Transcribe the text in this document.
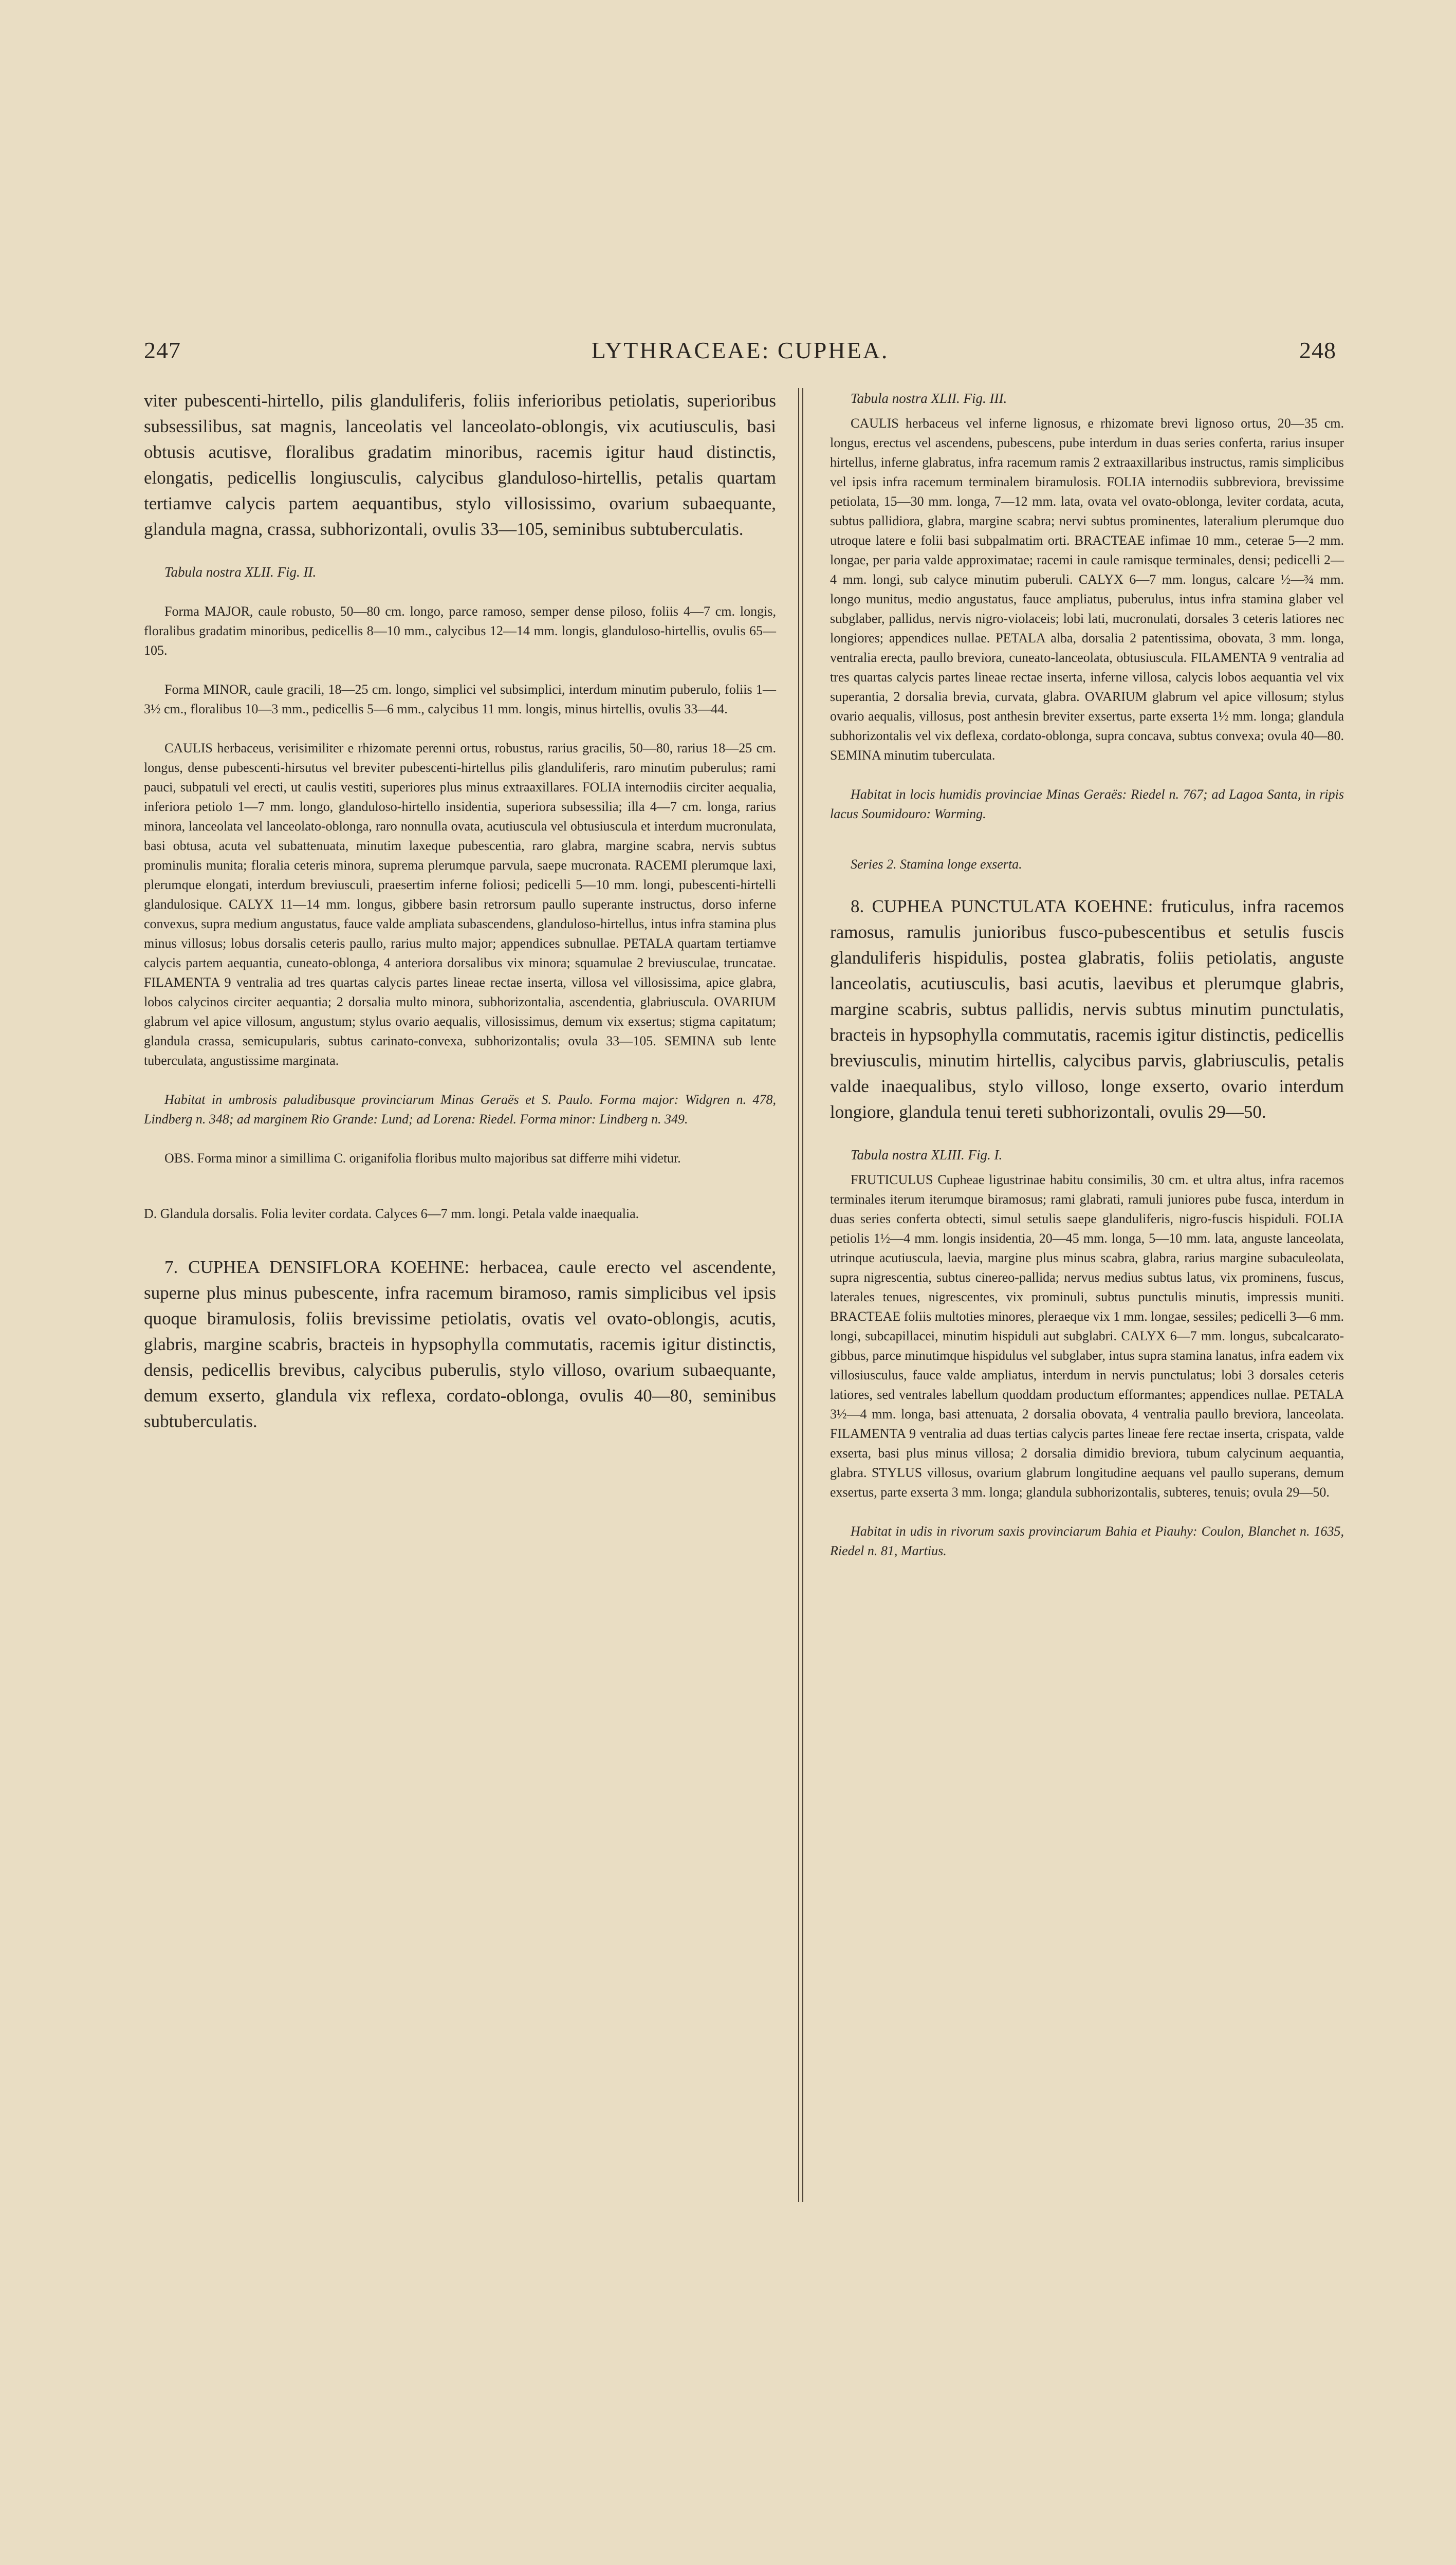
247	LYTHRACEAE: CUPHEA.	248

viter pubescenti-hirtello, pilis glanduliferis, foliis inferioribus petiolatis, superioribus subsessilibus, sat magnis, lanceolatis vel lanceolato-oblongis, vix acutiusculis, basi obtusis acutisve, floralibus gradatim minoribus, racemis igitur haud distinctis, elongatis, pedicellis longiusculis, calycibus glanduloso-hirtellis, petalis quartam tertiamve calycis partem aequantibus, stylo villosissimo, ovarium subaequante, glandula magna, crassa, subhorizontali, ovulis 33—105, seminibus subtuberculatis.

Tabula nostra XLII. Fig. II.

Forma MAJOR, caule robusto, 50—80 cm. longo, parce ramoso, semper dense piloso, foliis 4—7 cm. longis, floralibus gradatim minoribus, pedicellis 8—10 mm., calycibus 12—14 mm. longis, glanduloso-hirtellis, ovulis 65—105.

Forma MINOR, caule gracili, 18—25 cm. longo, simplici vel subsimplici, interdum minutim puberulo, foliis 1—3½ cm., floralibus 10—3 mm., pedicellis 5—6 mm., calycibus 11 mm. longis, minus hirtellis, ovulis 33—44.

CAULIS herbaceus, verisimiliter e rhizomate perenni ortus, robustus, rarius gracilis, 50—80, rarius 18—25 cm. longus, dense pubescenti-hirsutus vel breviter pubescenti-hirtellus pilis glanduliferis, raro minutim puberulus; rami pauci, subpatuli vel erecti, ut caulis vestiti, superiores plus minus extraaxillares. FOLIA internodiis circiter aequalia, inferiora petiolo 1—7 mm. longo, glanduloso-hirtello insidentia, superiora subsessilia; illa 4—7 cm. longa, rarius minora, lanceolata vel lanceolato-oblonga, raro nonnulla ovata, acutiuscula vel obtusiuscula et interdum mucronulata, basi obtusa, acuta vel subattenuata, minutim laxeque pubescentia, raro glabra, margine scabra, nervis subtus prominulis munita; floralia ceteris minora, suprema plerumque parvula, saepe mucronata. RACEMI plerumque laxi, plerumque elongati, interdum breviusculi, praesertim inferne foliosi; pedicelli 5—10 mm. longi, pubescenti-hirtelli glandulosique. CALYX 11—14 mm. longus, gibbere basin retrorsum paullo superante instructus, dorso inferne convexus, supra medium angustatus, fauce valde ampliata subascendens, glanduloso-hirtellus, intus infra stamina plus minus villosus; lobus dorsalis ceteris paullo, rarius multo major; appendices subnullae. PETALA quartam tertiamve calycis partem aequantia, cuneato-oblonga, 4 anteriora dorsalibus vix minora; squamulae 2 breviusculae, truncatae. FILAMENTA 9 ventralia ad tres quartas calycis partes lineae rectae inserta, villosa vel villosissima, apice glabra, lobos calycinos circiter aequantia; 2 dorsalia multo minora, subhorizontalia, ascendentia, glabriuscula. OVARIUM glabrum vel apice villosum, angustum; stylus ovario aequalis, villosissimus, demum vix exsertus; stigma capitatum; glandula crassa, semicupularis, subtus carinato-convexa, subhorizontalis; ovula 33—105. SEMINA sub lente tuberculata, angustissime marginata.

Habitat in umbrosis paludibusque provinciarum Minas Geraës et S. Paulo. Forma major: Widgren n. 478, Lindberg n. 348; ad marginem Rio Grande: Lund; ad Lorena: Riedel. Forma minor: Lindberg n. 349.

OBS. Forma minor a simillima C. origanifolia floribus multo majoribus sat differre mihi videtur.

D. Glandula dorsalis. Folia leviter cordata. Calyces 6—7 mm. longi. Petala valde inaequalia.

7. CUPHEA DENSIFLORA KOEHNE: herbacea, caule erecto vel ascendente, superne plus minus pubescente, infra racemum biramoso, ramis simplicibus vel ipsis quoque biramulosis, foliis brevissime petiolatis, ovatis vel ovato-oblongis, acutis, glabris, margine scabris, bracteis in hypsophylla commutatis, racemis igitur distinctis, densis, pedicellis brevibus, calycibus puberulis, stylo villoso, ovarium subaequante, demum exserto, glandula vix reflexa, cordato-oblonga, ovulis 40—80, seminibus subtuberculatis.

Tabula nostra XLII. Fig. III.

CAULIS herbaceus vel inferne lignosus, e rhizomate brevi lignoso ortus, 20—35 cm. longus, erectus vel ascendens, pubescens, pube interdum in duas series conferta, rarius insuper hirtellus, inferne glabratus, infra racemum ramis 2 extraaxillaribus instructus, ramis simplicibus vel ipsis infra racemum terminalem biramulosis. FOLIA internodiis subbreviora, brevissime petiolata, 15—30 mm. longa, 7—12 mm. lata, ovata vel ovato-oblonga, leviter cordata, acuta, subtus pallidiora, glabra, margine scabra; nervi subtus prominentes, lateralium plerumque duo utroque latere e folii basi subpalmatim orti. BRACTEAE infimae 10 mm., ceterae 5—2 mm. longae, per paria valde approximatae; racemi in caule ramisque terminales, densi; pedicelli 2—4 mm. longi, sub calyce minutim puberuli. CALYX 6—7 mm. longus, calcare ½—¾ mm. longo munitus, medio angustatus, fauce ampliatus, puberulus, intus infra stamina glaber vel subglaber, pallidus, nervis nigro-violaceis; lobi lati, mucronulati, dorsales 3 ceteris latiores nec longiores; appendices nullae. PETALA alba, dorsalia 2 patentissima, obovata, 3 mm. longa, ventralia erecta, paullo breviora, cuneato-lanceolata, obtusiuscula. FILAMENTA 9 ventralia ad tres quartas calycis partes lineae rectae inserta, inferne villosa, calycis lobos aequantia vel vix superantia, 2 dorsalia brevia, curvata, glabra. OVARIUM glabrum vel apice villosum; stylus ovario aequalis, villosus, post anthesin breviter exsertus, parte exserta 1½ mm. longa; glandula subhorizontalis vel vix deflexa, cordato-oblonga, supra concava, subtus convexa; ovula 40—80. SEMINA minutim tuberculata.

Habitat in locis humidis provinciae Minas Geraës: Riedel n. 767; ad Lagoa Santa, in ripis lacus Soumidouro: Warming.

Series 2. Stamina longe exserta.

8. CUPHEA PUNCTULATA KOEHNE: fruticulus, infra racemos ramosus, ramulis junioribus fusco-pubescentibus et setulis fuscis glanduliferis hispidulis, postea glabratis, foliis petiolatis, anguste lanceolatis, acutiusculis, basi acutis, laevibus et plerumque glabris, margine scabris, subtus pallidis, nervis subtus minutim punctulatis, bracteis in hypsophylla commutatis, racemis igitur distinctis, pedicellis breviusculis, minutim hirtellis, calycibus parvis, glabriusculis, petalis valde inaequalibus, stylo villoso, longe exserto, ovario interdum longiore, glandula tenui tereti subhorizontali, ovulis 29—50.

Tabula nostra XLIII. Fig. I.

FRUTICULUS Cupheae ligustrinae habitu consimilis, 30 cm. et ultra altus, infra racemos terminales iterum iterumque biramosus; rami glabrati, ramuli juniores pube fusca, interdum in duas series conferta obtecti, simul setulis saepe glanduliferis, nigro-fuscis hispiduli. FOLIA petiolis 1½—4 mm. longis insidentia, 20—45 mm. longa, 5—10 mm. lata, anguste lanceolata, utrinque acutiuscula, laevia, margine plus minus scabra, glabra, rarius margine subaculeolata, supra nigrescentia, subtus cinereo-pallida; nervus medius subtus latus, vix prominens, fuscus, laterales tenues, nigrescentes, vix prominuli, subtus punctulis minutis, impressis muniti. BRACTEAE foliis multoties minores, pleraeque vix 1 mm. longae, sessiles; pedicelli 3—6 mm. longi, subcapillacei, minutim hispiduli aut subglabri. CALYX 6—7 mm. longus, subcalcarato-gibbus, parce minutimque hispidulus vel subglaber, intus supra stamina lanatus, infra eadem vix villosiusculus, fauce valde ampliatus, interdum in nervis punctulatus; lobi 3 dorsales ceteris latiores, sed ventrales labellum quoddam productum efformantes; appendices nullae. PETALA 3½—4 mm. longa, basi attenuata, 2 dorsalia obovata, 4 ventralia paullo breviora, lanceolata. FILAMENTA 9 ventralia ad duas tertias calycis partes lineae fere rectae inserta, crispata, valde exserta, basi plus minus villosa; 2 dorsalia dimidio breviora, tubum calycinum aequantia, glabra. STYLUS villosus, ovarium glabrum longitudine aequans vel paullo superans, demum exsertus, parte exserta 3 mm. longa; glandula subhorizontalis, subteres, tenuis; ovula 29—50.

Habitat in udis in rivorum saxis provinciarum Bahia et Piauhy: Coulon, Blanchet n. 1635, Riedel n. 81, Martius.
